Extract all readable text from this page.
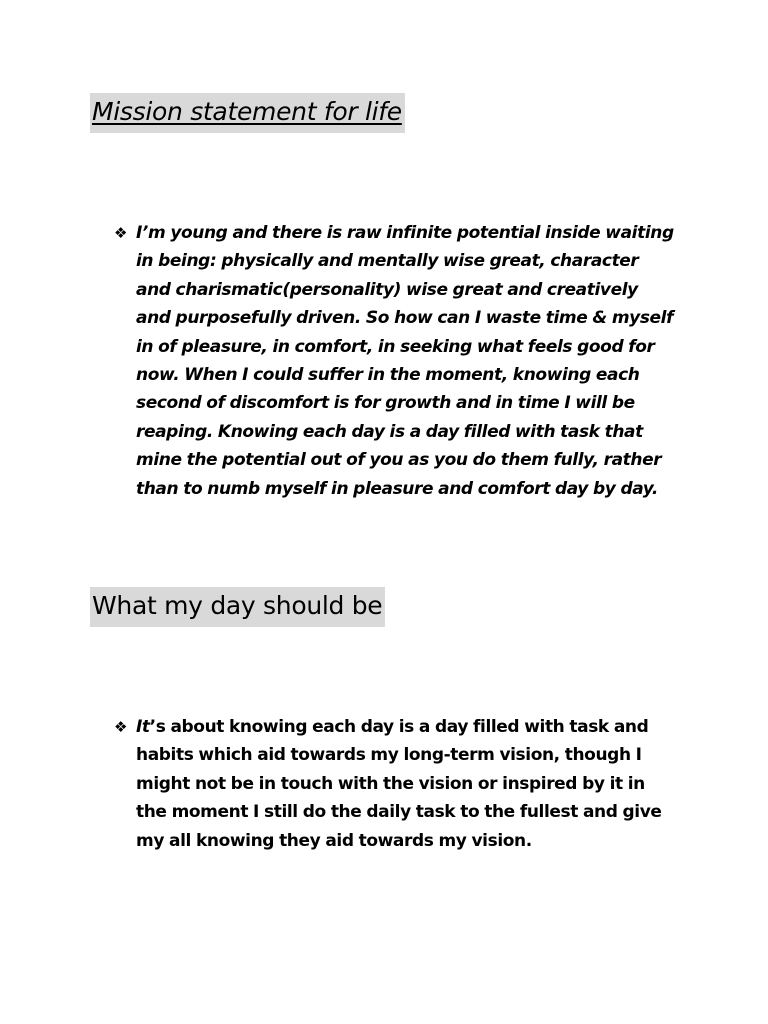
Mission statement for life
❖ I’m young and there is raw infinite potential inside waiting in being: physically and mentally wise great, character and charismatic(personality) wise great and creatively and purposefully driven. So how can I waste time & myself in of pleasure, in comfort, in seeking what feels good for now. When I could suffer in the moment, knowing each second of discomfort is for growth and in time I will be reaping. Knowing each day is a day filled with task that mine the potential out of you as you do them fully, rather than to numb myself in pleasure and comfort day by day.

What my day should be
❖ It’s about knowing each day is a day filled with task and habits which aid towards my long-term vision, though I might not be in touch with the vision or inspired by it in the moment I still do the daily task to the fullest and give my all knowing they aid towards my vision.
